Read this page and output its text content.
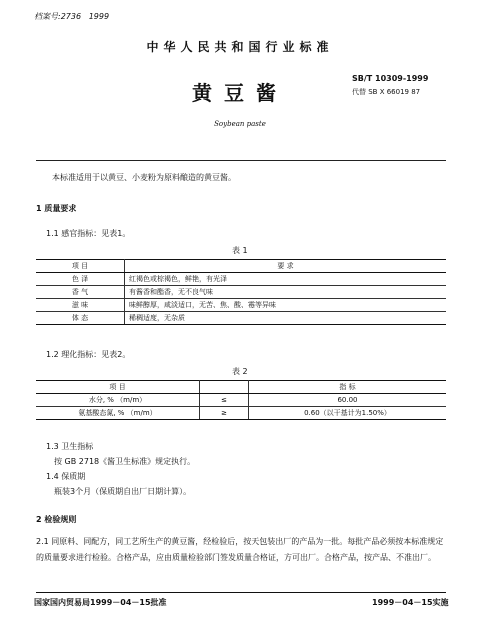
档案号:2736 1999
中华人民共和国行业标准
黄豆酱
SB/T 10309-1999
代替 SB X 66019 87
Soybean paste
本标准适用于以黄豆、小麦粉为原料酿造的黄豆酱。
1 质量要求
1.1 感官指标：见表1。
表 1
项 目	要 求
色 泽	红褐色或棕褐色，鲜艳，有光泽
香 气	有酱香和酯香，无不良气味
滋 味	味鲜醇厚，咸淡适口，无苦、焦、酸、霉等异味
体 态	稀稠适度，无杂质
1.2 理化指标：见表2。
表 2
项 目		指 标
水分, % （m/m）	≤	60.00
氨基酸态氮, % （m/m）	≥	0.60（以干基计为1.50%）
1.3 卫生指标
按 GB 2718《酱卫生标准》规定执行。
1.4 保质期
瓶装3个月（保质期自出厂日期计算）。
2 检验规则
2.1 同原料、同配方，同工艺所生产的黄豆酱，经检验后，按天包装出厂的产品为一批。每批产品必须按本标准规定的质量要求进行检验。合格产品，应由质量检验部门签发质量合格证，方可出厂。合格产品，按产品、不准出厂。
国家国内贸易局1999－04－15批准	1999－04－15实施
